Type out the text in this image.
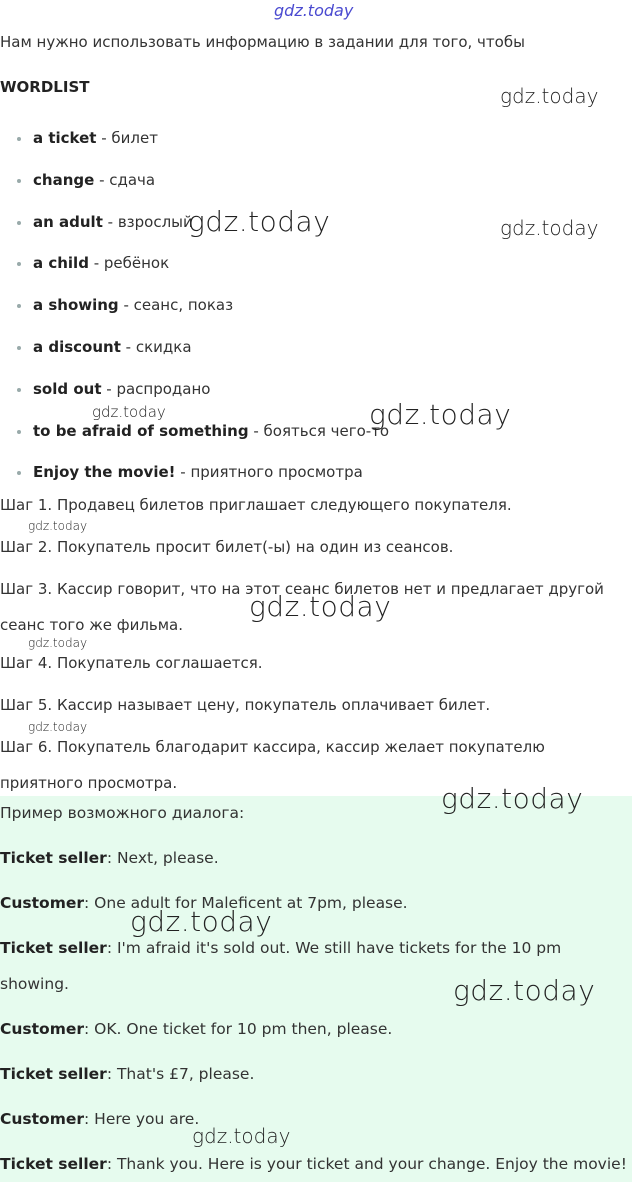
Нам нужно использовать информацию в задании для того, чтобы
WORDLIST
a ticket - билет
change - сдача
an adult - взрослый
a child - ребёнок
a showing - сеанс, показ
a discount - скидка
sold out - распродано
to be afraid of something - бояться чего-то
Enjoy the movie! - приятного просмотра
Шаг 1. Продавец билетов приглашает следующего покупателя.
Шаг 2. Покупатель просит билет(-ы) на один из сеансов.
Шаг 3. Кассир говорит, что на этот сеанс билетов нет и предлагает другой сеанс того же фильма.
Шаг 4. Покупатель соглашается.
Шаг 5. Кассир называет цену, покупатель оплачивает билет.
Шаг 6. Покупатель благодарит кассира, кассир желает покупателю приятного просмотра.
Пример возможного диалога:
Ticket seller: Next, please.
Customer: One adult for Maleficent at 7pm, please.
Ticket seller: I'm afraid it's sold out. We still have tickets for the 10 pm
showing.
Customer: OK. One ticket for 10 pm then, please.
Ticket seller: That's £7, please.
Customer: Here you are.
Ticket seller: Thank you. Here is your ticket and your change. Enjoy the movie!
gdz.today
gdz.today
gdz.today	gdz.today
gdz.today	gdz.today
gdz.today
gdz.today
gdz.today
gdz.today
gdz.today
gdz.today
gdz.today
gdz.today
